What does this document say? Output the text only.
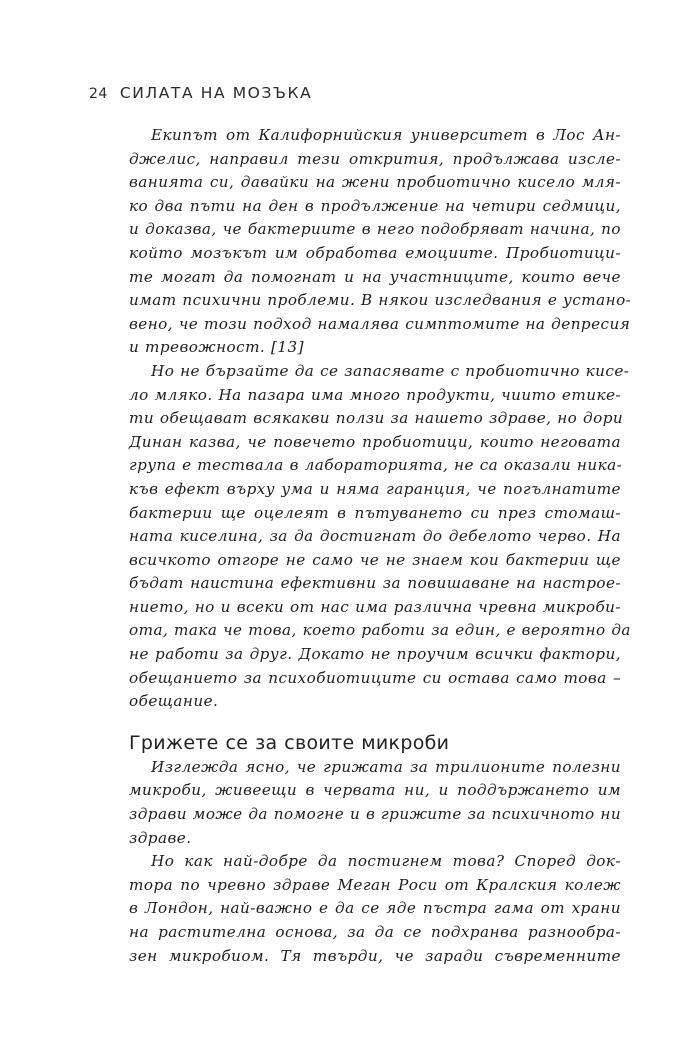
24 СИЛАТА НА МОЗЪКА
Екипът от Калифорнийския университет в Лос Ан-
джелис, направил тези открития, продължава изсле-
ванията си, давайки на жени пробиотично кисело мля-
ко два пъти на ден в продължение на четири седмици,
и доказва, че бактериите в него подобряват начина, по
който мозъкът им обработва емоциите. Пробиотици-
те могат да помогнат и на участниците, които вече
имат психични проблеми. В някои изследвания е устано-
вено, че този подход намалява симптомите на депресия
и тревожност. [13]
Но не бързайте да се запасявате с пробиотично кисе-
ло мляко. На пазара има много продукти, чиито етике-
ти обещават всякакви ползи за нашето здраве, но дори
Динан казва, че повечето пробиотици, които неговата
група е тествала в лабораторията, не са оказали ника-
къв ефект върху ума и няма гаранция, че погълнатите
бактерии ще оцелеят в пътуването си през стомаш-
ната киселина, за да достигнат до дебелото черво. На
всичкото отгоре не само че не знаем кои бактерии ще
бъдат наистина ефективни за повишаване на настрое-
нието, но и всеки от нас има различна чревна микроби-
ота, така че това, което работи за един, е вероятно да
не работи за друг. Докато не проучим всички фактори,
обещанието за психобиотиците си остава само това –
обещание.
Грижете се за своите микроби
Изглежда ясно, че грижата за трилионите полезни
микроби, живеещи в червата ни, и поддържането им
здрави може да помогне и в грижите за психичното ни
здраве.
Но как най-добре да постигнем това? Според док-
тора по чревно здраве Меган Роси от Кралския колеж
в Лондон, най-важно е да се яде пъстра гама от храни
на растителна основа, за да се подхранва разнообра-
зен микробиом. Тя твърди, че заради съвременните
